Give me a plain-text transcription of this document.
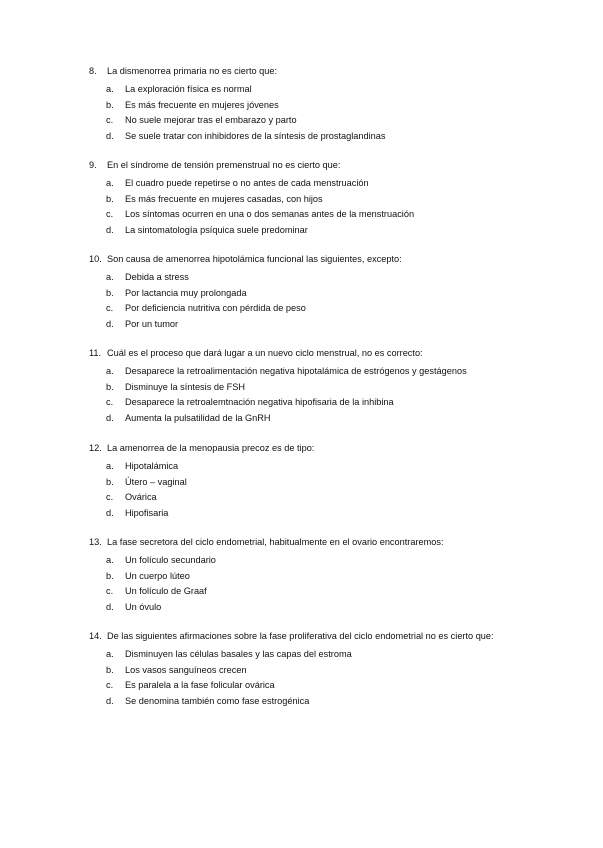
8.	La dismenorrea primaria no es cierto que:
a.	La exploración física es normal
b.	Es más frecuente en mujeres jóvenes
c.	No suele mejorar tras el embarazo y parto
d.	Se suele tratar con inhibidores de la síntesis de prostaglandinas
9.	En el síndrome de tensión premenstrual no es cierto que:
a.	El cuadro puede repetirse o no antes de cada menstruación
b.	Es más frecuente en mujeres casadas, con hijos
c.	Los síntomas ocurren en una o dos semanas antes de la menstruación
d.	La sintomatología psíquica suele predominar
10. Son causa de amenorrea hipotolámica funcional las siguientes, excepto:
a.	Debida a stress
b.	Por lactancia muy prolongada
c.	Por deficiencia nutritiva con pérdida de peso
d.	Por un tumor
11. Cuál es el proceso que dará lugar a un nuevo ciclo menstrual, no es correcto:
a.	Desaparece la retroalimentación negativa hipotalámica de estrógenos y gestágenos
b.	Disminuye la síntesis de FSH
c.	Desaparece la retroalemtnación negativa hipofisaria de la inhibina
d.	Aumenta la pulsatilidad de la GnRH
12. La amenorrea de la menopausia precoz es de tipo:
a.	Hipotalámica
b.	Útero – vaginal
c.	Ovárica
d.	Hipofisaria
13. La fase secretora del ciclo endometrial, habitualmente en el ovario encontraremos:
a.	Un folículo secundario
b.	Un cuerpo lúteo
c.	Un folículo de Graaf
d.	Un óvulo
14. De las siguientes afirmaciones sobre la fase proliferativa del ciclo endometrial no es cierto que:
a.	Disminuyen las células basales y las capas del estroma
b.	Los vasos sanguíneos crecen
c.	Es paralela a la fase folicular ovárica
d.	Se denomina también como fase estrogénica
